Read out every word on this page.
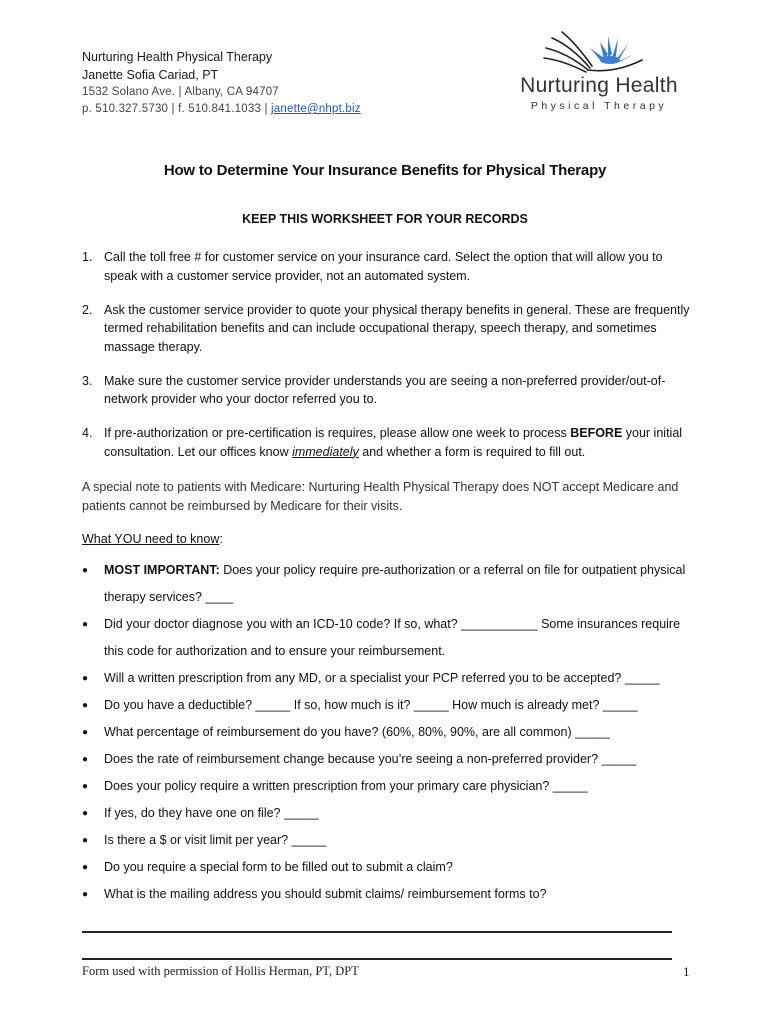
Nurturing Health Physical Therapy
Janette Sofia Cariad, PT
1532 Solano Ave. | Albany, CA 94707
p. 510.327.5730 | f. 510.841.1033 | janette@nhpt.biz
Nurturing Health
Physical Therapy
How to Determine Your Insurance Benefits for Physical Therapy
KEEP THIS WORKSHEET FOR YOUR RECORDS
1. Call the toll free # for customer service on your insurance card. Select the option that will allow you to speak with a customer service provider, not an automated system.
2. Ask the customer service provider to quote your physical therapy benefits in general. These are frequently termed rehabilitation benefits and can include occupational therapy, speech therapy, and sometimes massage therapy.
3. Make sure the customer service provider understands you are seeing a non-preferred provider/out-of-network provider who your doctor referred you to.
4. If pre-authorization or pre-certification is requires, please allow one week to process BEFORE your initial consultation. Let our offices know immediately and whether a form is required to fill out.
A special note to patients with Medicare: Nurturing Health Physical Therapy does NOT accept Medicare and patients cannot be reimbursed by Medicare for their visits.
What YOU need to know:
●	MOST IMPORTANT: Does your policy require pre-authorization or a referral on file for outpatient physical therapy services? ____
●	Did your doctor diagnose you with an ICD-10 code? If so, what? ___________ Some insurances require this code for authorization and to ensure your reimbursement.
●	Will a written prescription from any MD, or a specialist your PCP referred you to be accepted? _____
●	Do you have a deductible? _____ If so, how much is it? _____ How much is already met? _____
●	What percentage of reimbursement do you have? (60%, 80%, 90%, are all common) _____
●	Does the rate of reimbursement change because you’re seeing a non-preferred provider? _____
●	Does your policy require a written prescription from your primary care physician? _____
●	If yes, do they have one on file? _____
●	Is there a $ or visit limit per year? _____
●	Do you require a special form to be filled out to submit a claim?
●	What is the mailing address you should submit claims/ reimbursement forms to?
Form used with permission of Hollis Herman, PT, DPT	1
